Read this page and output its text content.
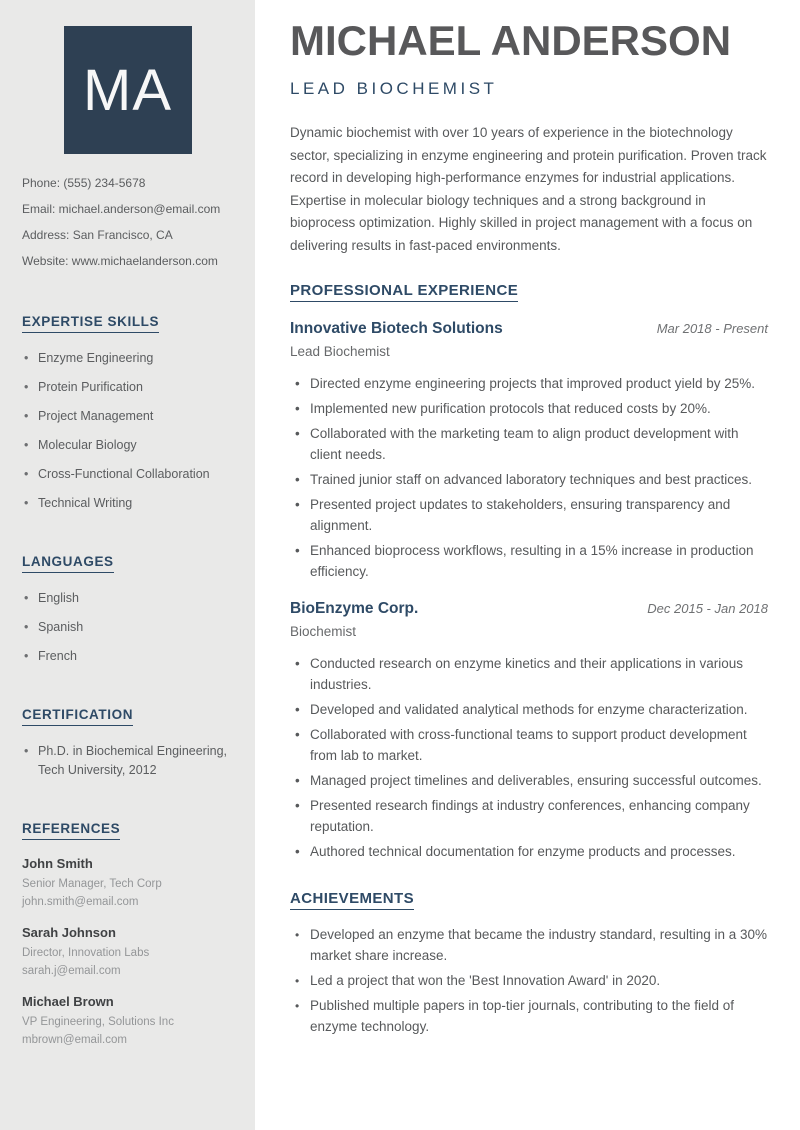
MA
Phone: (555) 234-5678
Email: michael.anderson@email.com
Address: San Francisco, CA
Website: www.michaelanderson.com
EXPERTISE SKILLS
• Enzyme Engineering
• Protein Purification
• Project Management
• Molecular Biology
• Cross-Functional Collaboration
• Technical Writing
LANGUAGES
• English
• Spanish
• French
CERTIFICATION
• Ph.D. in Biochemical Engineering, Tech University, 2012
REFERENCES
John Smith
Senior Manager, Tech Corp
john.smith@email.com
Sarah Johnson
Director, Innovation Labs
sarah.j@email.com
Michael Brown
VP Engineering, Solutions Inc
mbrown@email.com
MICHAEL ANDERSON
LEAD BIOCHEMIST

Dynamic biochemist with over 10 years of experience in the biotechnology sector, specializing in enzyme engineering and protein purification. Proven track record in developing high-performance enzymes for industrial applications. Expertise in molecular biology techniques and a strong background in bioprocess optimization. Highly skilled in project management with a focus on delivering results in fast-paced environments.

PROFESSIONAL EXPERIENCE
Innovative Biotech Solutions	Mar 2018 - Present
Lead Biochemist
• Directed enzyme engineering projects that improved product yield by 25%.
• Implemented new purification protocols that reduced costs by 20%.
• Collaborated with the marketing team to align product development with client needs.
• Trained junior staff on advanced laboratory techniques and best practices.
• Presented project updates to stakeholders, ensuring transparency and alignment.
• Enhanced bioprocess workflows, resulting in a 15% increase in production efficiency.
BioEnzyme Corp.	Dec 2015 - Jan 2018
Biochemist
• Conducted research on enzyme kinetics and their applications in various industries.
• Developed and validated analytical methods for enzyme characterization.
• Collaborated with cross-functional teams to support product development from lab to market.
• Managed project timelines and deliverables, ensuring successful outcomes.
• Presented research findings at industry conferences, enhancing company reputation.
• Authored technical documentation for enzyme products and processes.
ACHIEVEMENTS
• Developed an enzyme that became the industry standard, resulting in a 30% market share increase.
• Led a project that won the 'Best Innovation Award' in 2020.
• Published multiple papers in top-tier journals, contributing to the field of enzyme technology.
